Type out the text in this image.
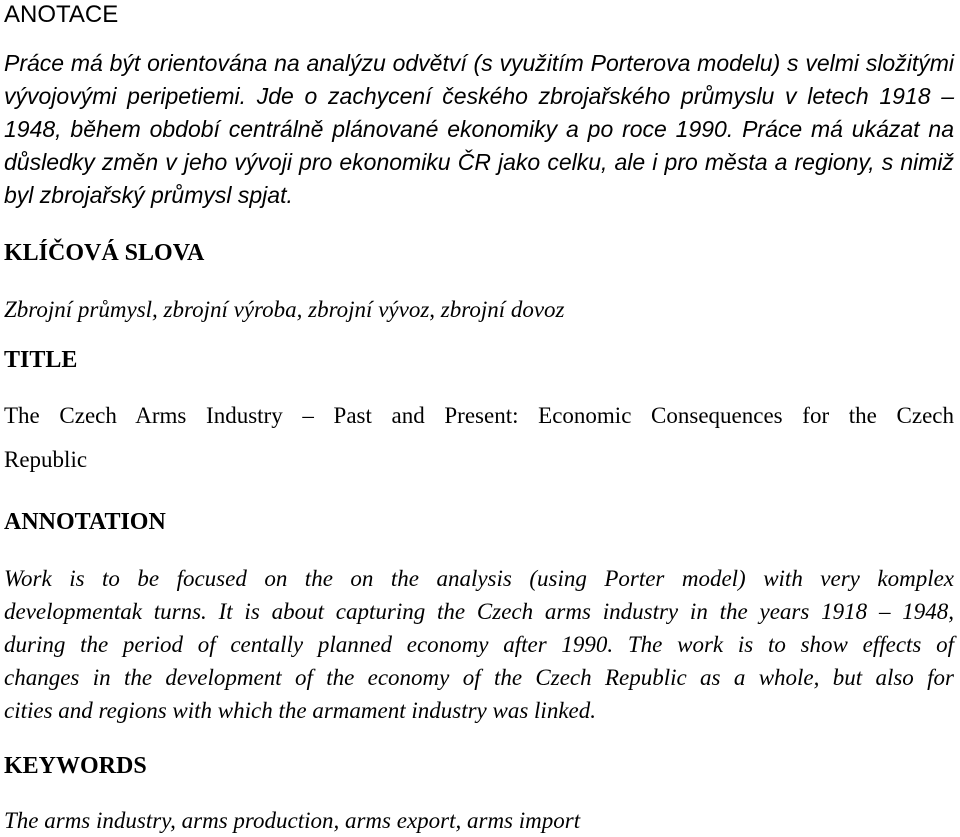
ANOTACE
Práce má být orientována na analýzu odvětví (s využitím Porterova modelu) s velmi složitými
vývojovými peripetiemi. Jde o zachycení českého zbrojařského průmyslu v letech 1918 –
1948, během období centrálně plánované ekonomiky a po roce 1990. Práce má ukázat na
důsledky změn v jeho vývoji pro ekonomiku ČR jako celku, ale i pro města a regiony, s nimiž
byl zbrojařský průmysl spjat.
KLÍČOVÁ SLOVA
Zbrojní průmysl, zbrojní výroba, zbrojní vývoz, zbrojní dovoz
TITLE
The Czech Arms Industry – Past and Present: Economic Consequences for the Czech
Republic
ANNOTATION
Work is to be focused on the on the analysis (using Porter model) with very komplex
developmentak turns. It is about capturing the Czech arms industry in the years 1918 – 1948,
during the period of centally planned economy after 1990. The work is to show effects of
changes in the development of the economy of the Czech Republic as a whole, but also for
cities and regions with which the armament industry was linked.
KEYWORDS
The arms industry, arms production, arms export, arms import
